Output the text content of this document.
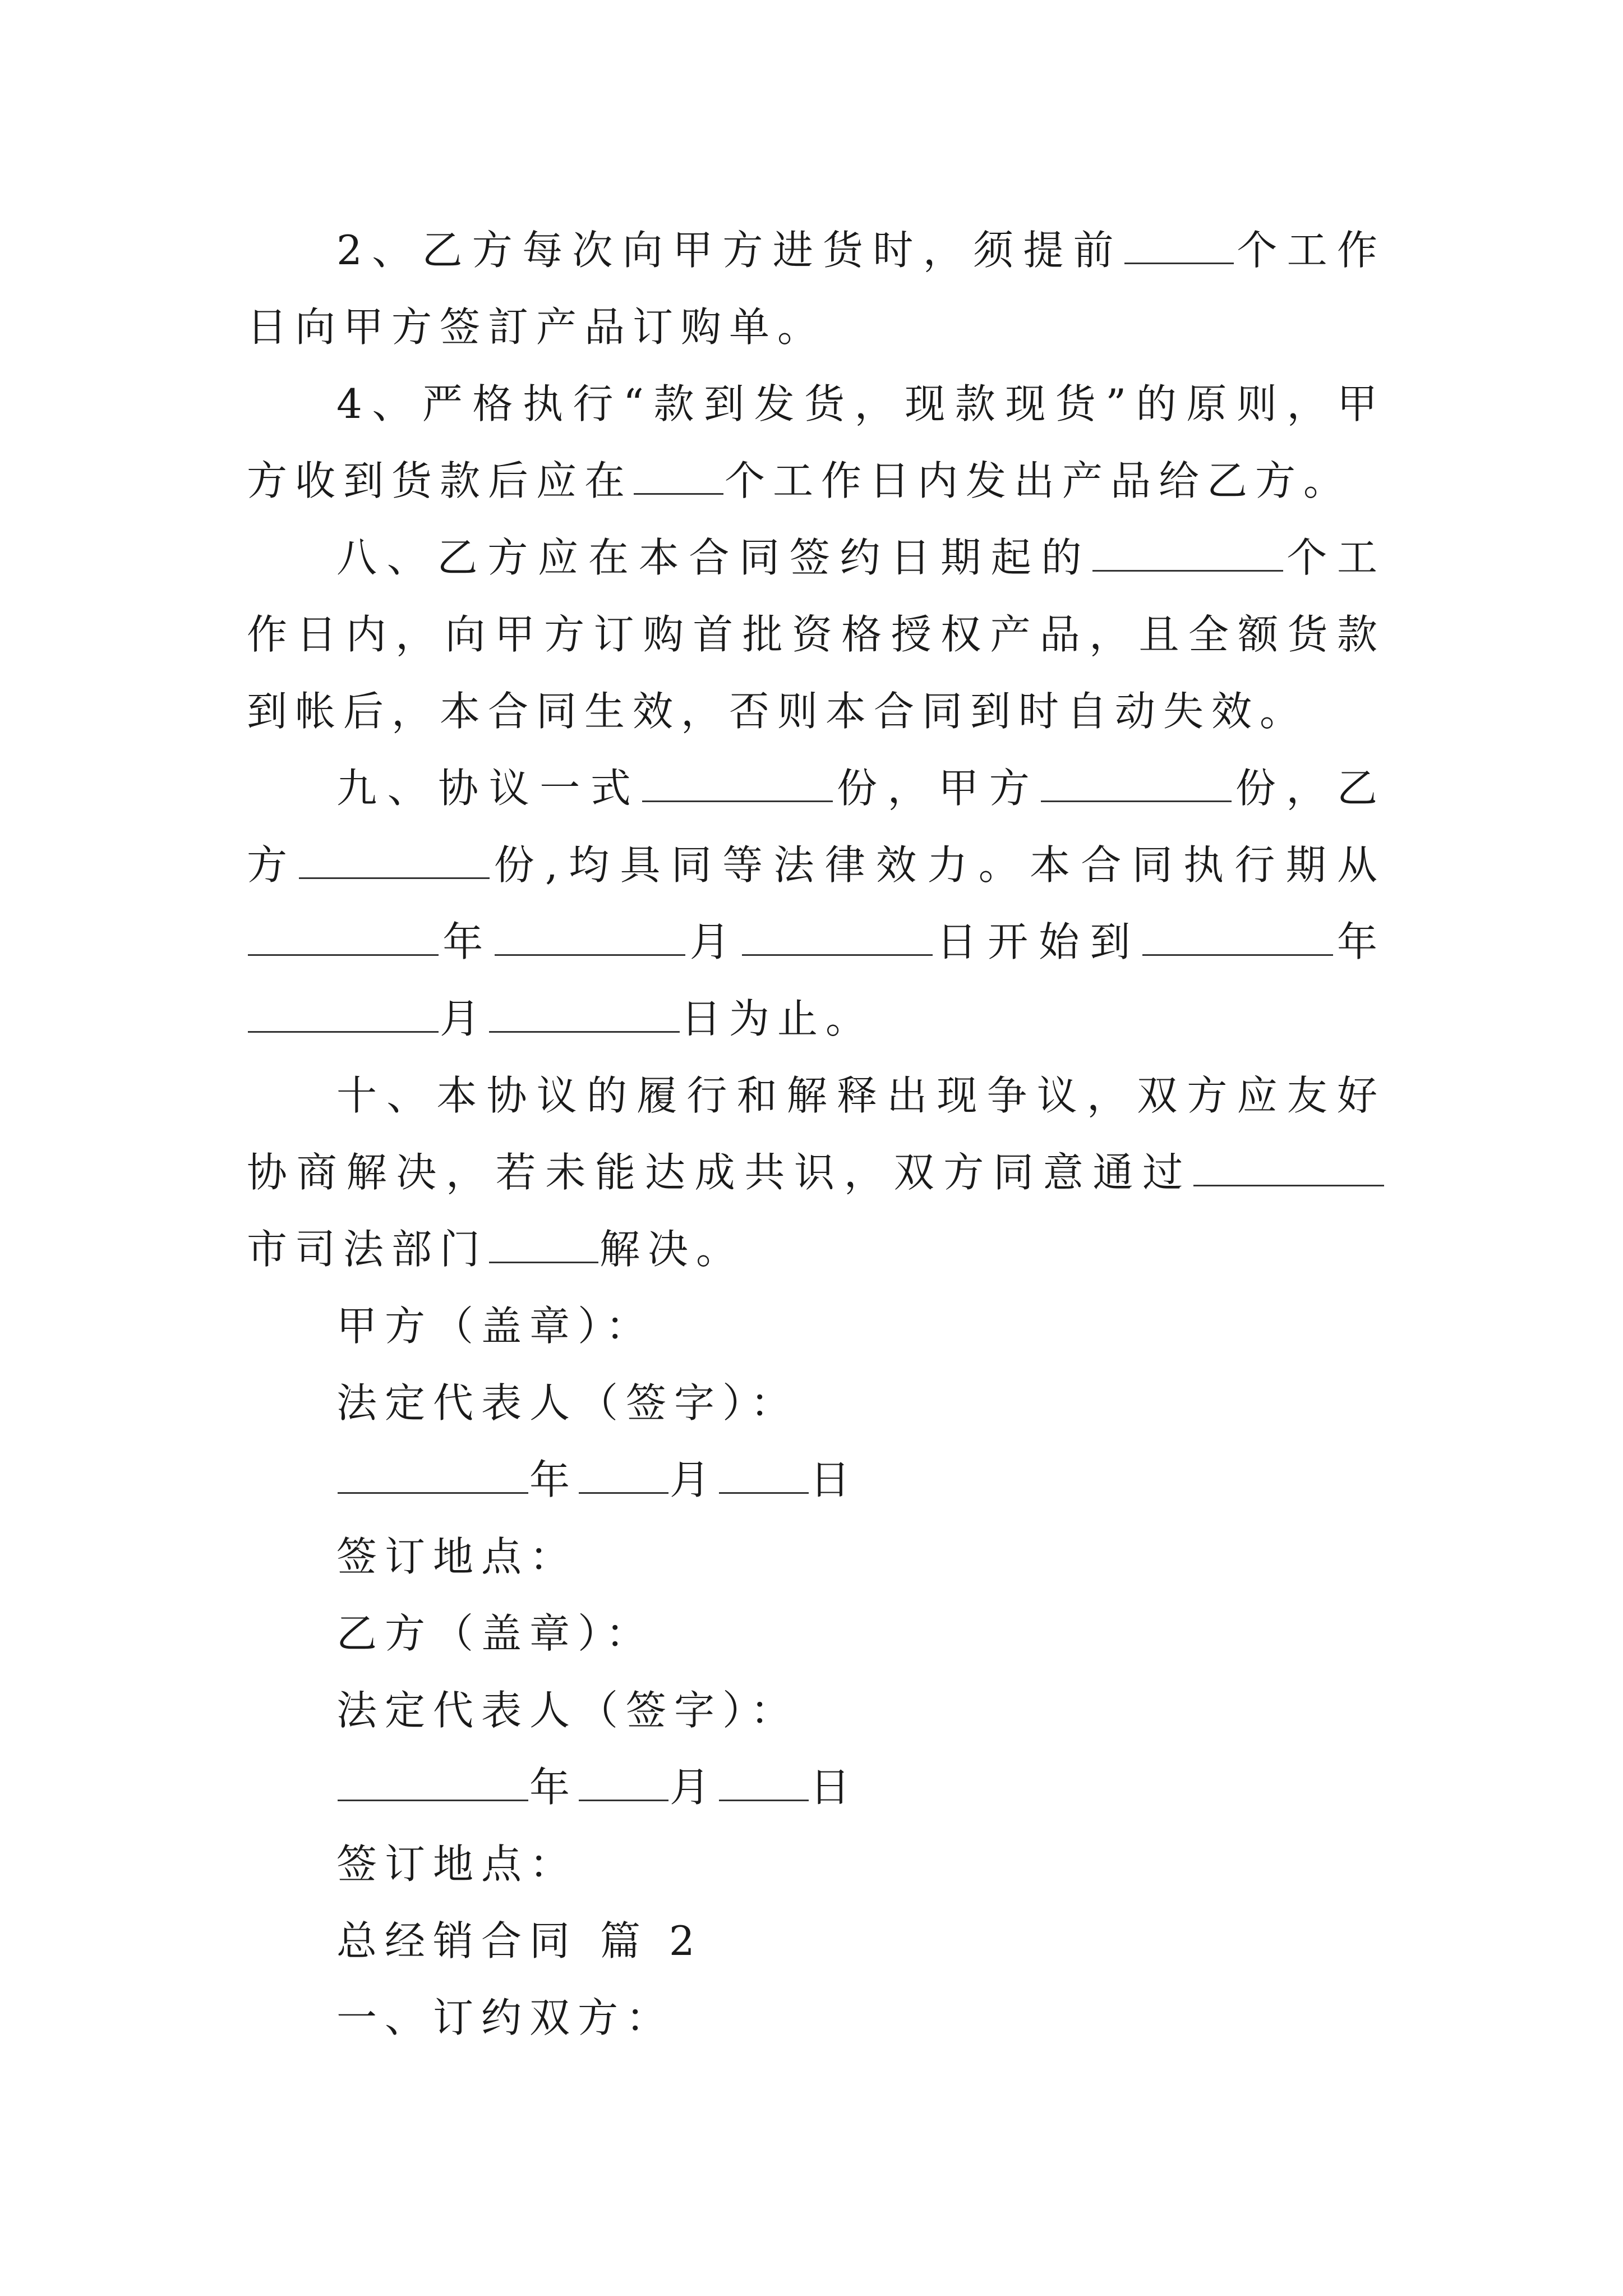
2、乙方每次向甲方进货时，须提前	个工作日向甲方签訂产品订购单。

4、严格执行“款到发货，现款现货”的原则，甲方收到货款后应在 个工作日内发出产品给乙方。

八、乙方应在本合同签约日期起的	个工作日内，向甲方订购首批资格授权产品，且全额货款到帐后，本合同生效，否则本合同到时自动失效。

九、协议一式	份，甲方	份，乙方	份,均具同等法律效力。本合同执行期从年	月	日开始到	年月	日为止。

十、本协议的履行和解释出现争议，双方应友好协商解决，若未能达成共识，双方同意通过市司法部门	解决。

甲方（盖章）：

法定代表人（签字）：

年 月 日

签订地点：

乙方（盖章）：

法定代表人（签字）：

年 月 日

签订地点：

总经销合同 篇 2

一、订约双方：
